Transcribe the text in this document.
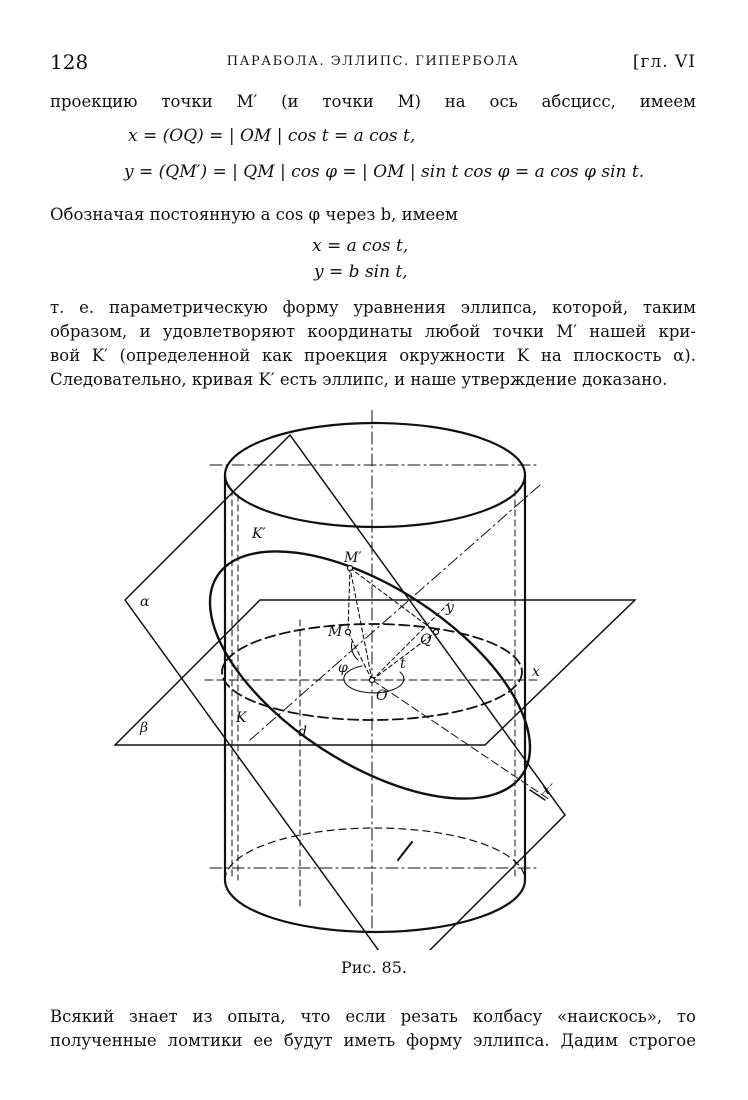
128	ПАРАБОЛА. ЭЛЛИПС. ГИПЕРБОЛА	[гл. VI

проекцию точки M′ (и точки M) на ось абсцисс, имеем

x = (OQ) = | OM | cos t = a cos t,
y = (QM′) = | QM | cos φ = | OM | sin t cos φ = a cos φ sin t.

Обозначая постоянную a cos φ через b, имеем

x = a cos t,
y = b sin t,

т. е. параметрическую форму уравнения эллипса, которой, таким
образом, и удовлетворяют координаты любой точки M′ нашей кри-
вой K′ (определенной как проекция окружности K на плоскость α).
Следовательно, кривая K′ есть эллипс, и наше утверждение доказано.

K′
M′
α
M
y
Q
φ	t
O
x
K
β	d
x′
Рис. 85.

Всякий знает из опыта, что если резать колбасу «наискось», то
полученные ломтики ее будут иметь форму эллипса. Дадим строгое
